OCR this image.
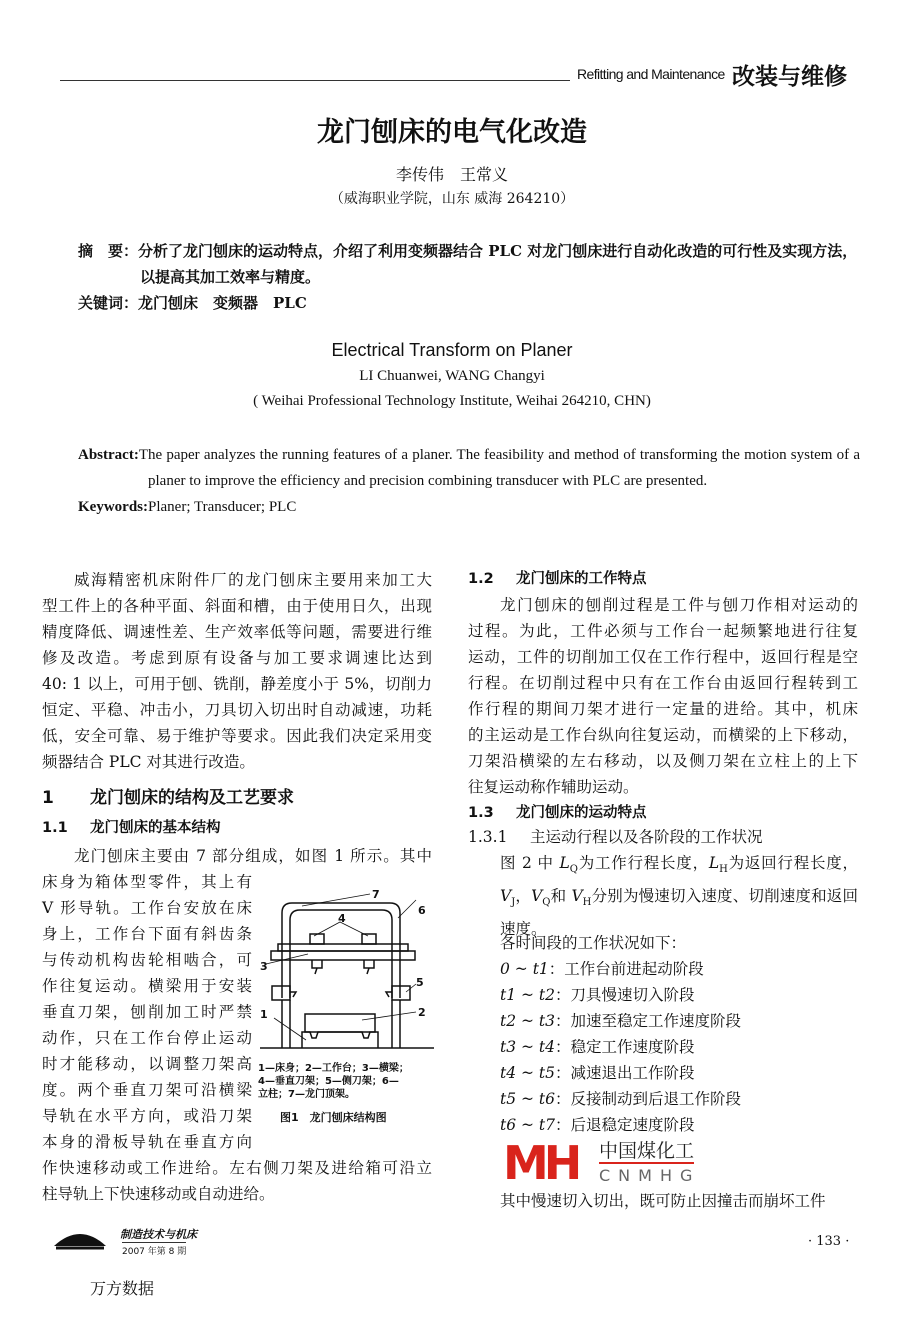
Refitting and Maintenance 改装与维修
龙门刨床的电气化改造
李传伟　王常义
（威海职业学院，山东 威海 264210）
摘　要：分析了龙门刨床的运动特点，介绍了利用变频器结合 PLC 对龙门刨床进行自动化改造的可行性及实现方法，以提高其加工效率与精度。
关键词：龙门刨床　变频器　PLC
Electrical Transform on Planer
LI Chuanwei, WANG Changyi
( Weihai Professional Technology Institute, Weihai 264210, CHN)
Abstract:The paper analyzes the running features of a planer. The feasibility and method of transforming the motion system of a planer to improve the efficiency and precision combining transducer with PLC are presented.
Keywords:Planer; Transducer; PLC
威海精密机床附件厂的龙门刨床主要用来加工大
型工件上的各种平面、斜面和槽，由于使用日久，出现
精度降低、调速性差、生产效率低等问题，需要进行维
修及改造。考虑到原有设备与加工要求调速比达到
40: 1 以上，可用于刨、铣削，静差度小于 5%，切削力
恒定、平稳、冲击小，刀具切入切出时自动减速，功耗
低，安全可靠、易于维护等要求。因此我们决定采用变
频器结合 PLC 对其进行改造。
1 龙门刨床的结构及工艺要求
1.1 龙门刨床的基本结构
龙门刨床主要由 7 部分组成，如图 1 所示。其中
床身为箱体型零件，其上有
V 形导轨。工作台安放在床
身上，工作台下面有斜齿条
与传动机构齿轮相啮合，可
作往复运动。横梁用于安装
垂直刀架，刨削加工时严禁
动作，只在工作台停止运动
时才能移动，以调整刀架高
度。两个垂直刀架可沿横梁
导轨在水平方向，或沿刀架
本身的滑板导轨在垂直方向
作快速移动或工作进给。左右侧刀架及进给箱可沿立
柱导轨上下快速移动或自动进给。
7
4
6
3
5
2
1
1—床身；2—工作台；3—横梁；
4—垂直刀架；5—侧刀架；6—
立柱；7—龙门顶架。
图1　龙门刨床结构图
1.2 龙门刨床的工作特点
龙门刨床的刨削过程是工件与刨刀作相对运动的
过程。为此，工件必须与工作台一起频繁地进行往复
运动，工件的切削加工仅在工作行程中，返回行程是空
行程。在切削过程中只有在工作台由返回行程转到工
作行程的期间刀架才进行一定量的进给。其中，机床
的主运动是工作台纵向往复运动，而横梁的上下移动，
刀架沿横梁的左右移动，以及侧刀架在立柱上的上下
往复运动称作辅助运动。
1.3 龙门刨床的运动特点
1.3.1 主运动行程以及各阶段的工作状况
图 2 中 $L_Q$为工作行程长度，$L_H$为返回行程长度，$V_J$，$V_Q$和 $V_H$分别为慢速切入速度、切削速度和返回速度。
各时间段的工作状况如下：
0 ~ t1：工作台前进起动阶段
t1 ~ t2：刀具慢速切入阶段
t2 ~ t3：加速至稳定工作速度阶段
t3 ~ t4：稳定工作速度阶段
t4 ~ t5：减速退出工作阶段
t5 ~ t6：反接制动到后退工作阶段
t6 ~ t7：后退稳定速度阶段
MH	中国煤化工
CNMHG
其中慢速切入切出，既可防止因撞击而崩坏工件
制造技术与机床
2007 年第 8 期
· 133 ·
万方数据
